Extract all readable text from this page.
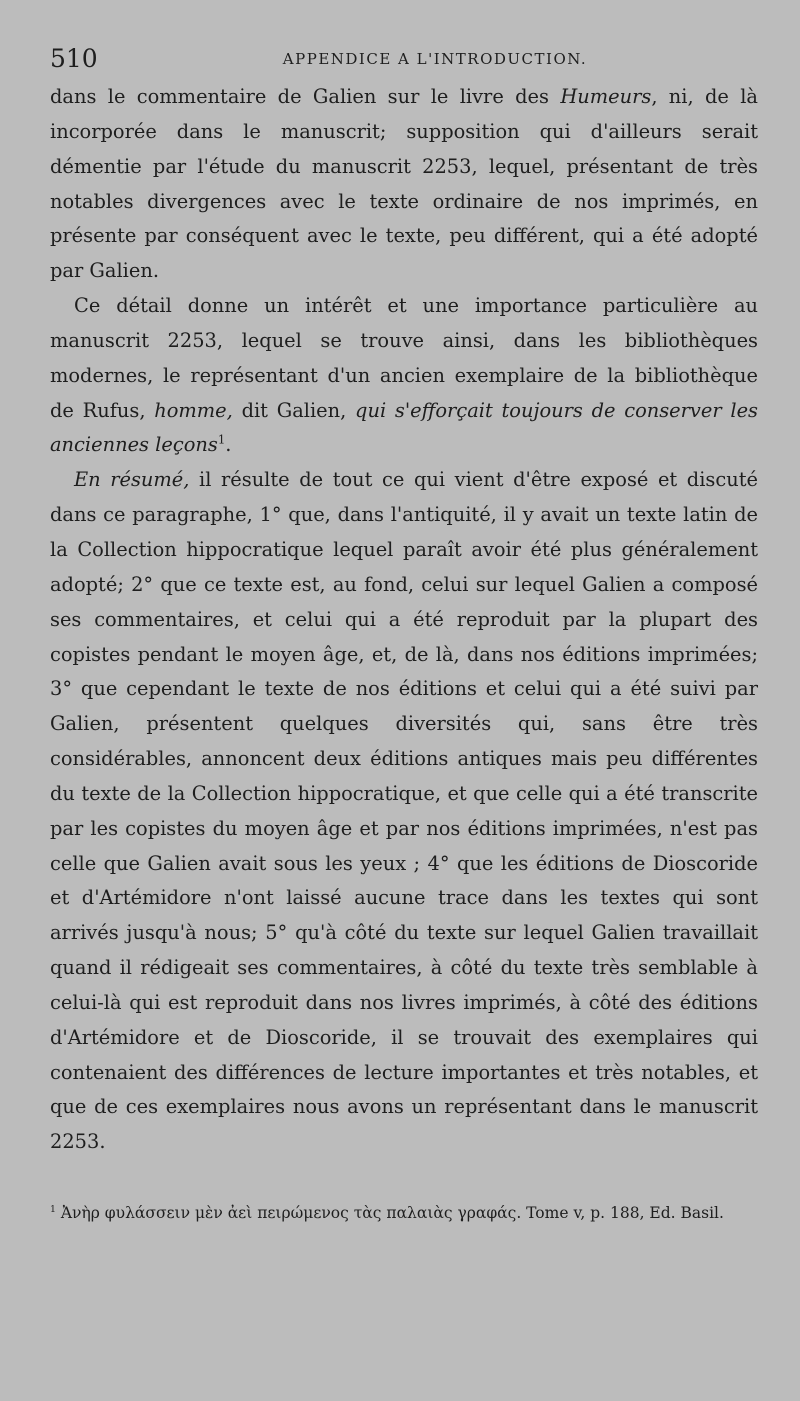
510	APPENDICE A L'INTRODUCTION.

dans le commentaire de Galien sur le livre des Humeurs, ni, de là incorporée dans le manuscrit; supposition qui d'ailleurs serait démentie par l'étude du manuscrit 2253, lequel, présentant de très notables divergences avec le texte ordinaire de nos imprimés, en présente par conséquent avec le texte, peu différent, qui a été adopté par Galien.

Ce détail donne un intérêt et une importance particulière au manuscrit 2253, lequel se trouve ainsi, dans les bibliothèques modernes, le représentant d'un ancien exemplaire de la bibliothèque de Rufus, homme, dit Galien, qui s'efforçait toujours de conserver les anciennes leçons$^1$.

En résumé, il résulte de tout ce qui vient d'être exposé et discuté dans ce paragraphe, 1° que, dans l'antiquité, il y avait un texte latin de la Collection hippocratique lequel paraît avoir été plus généralement adopté; 2° que ce texte est, au fond, celui sur lequel Galien a composé ses commentaires, et celui qui a été reproduit par la plupart des copistes pendant le moyen âge, et, de là, dans nos éditions imprimées; 3° que cependant le texte de nos éditions et celui qui a été suivi par Galien, présentent quelques diversités qui, sans être très considérables, annoncent deux éditions antiques mais peu différentes du texte de la Collection hippocratique, et que celle qui a été transcrite par les copistes du moyen âge et par nos éditions imprimées, n'est pas celle que Galien avait sous les yeux ; 4° que les éditions de Dioscoride et d'Artémidore n'ont laissé aucune trace dans les textes qui sont arrivés jusqu'à nous; 5° qu'à côté du texte sur lequel Galien travaillait quand il rédigeait ses commentaires, à côté du texte très semblable à celui-là qui est reproduit dans nos livres imprimés, à côté des éditions d'Artémidore et de Dioscoride, il se trouvait des exemplaires qui contenaient des différences de lecture importantes et très notables, et que de ces exemplaires nous avons un représentant dans le manuscrit 2253.

$^1$ Ἀνὴρ φυλάσσειν μὲν ἀεὶ πειρώμενος τὰς παλαιὰς γραφάς. Tome v, p. 188, Ed. Basil.
